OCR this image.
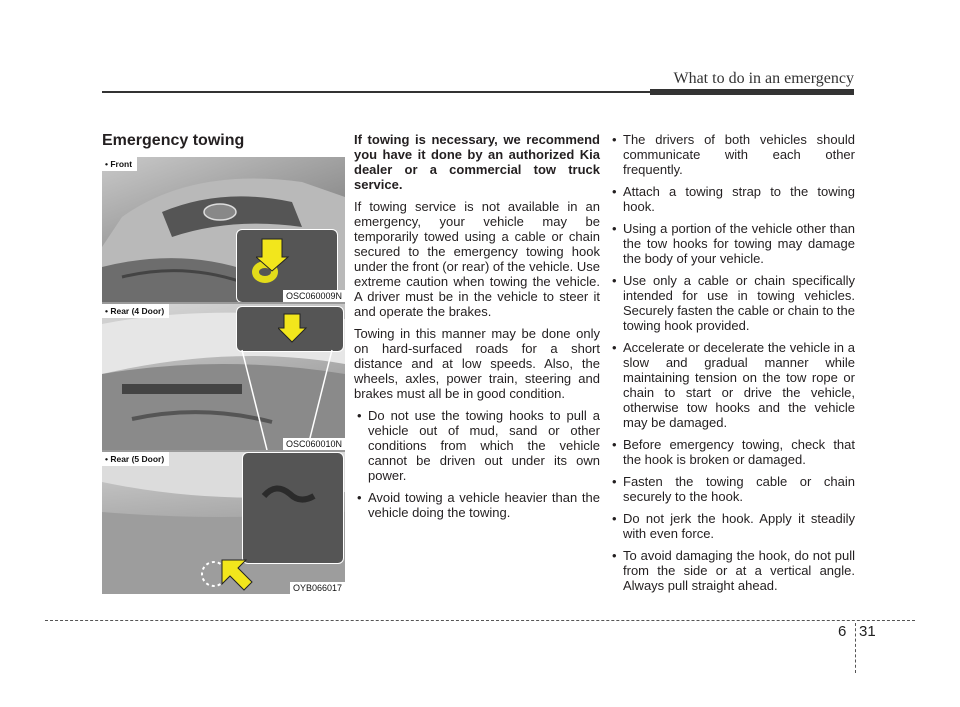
What to do in an emergency
Emergency towing
• Front
OSC060009N
• Rear (4 Door)
OSC060010N
• Rear (5 Door)
OYB066017

If towing is necessary, we recommend you have it done by an authorized Kia dealer or a commercial tow truck service.

If towing service is not available in an emergency, your vehicle may be temporarily towed using a cable or chain secured to the emergency towing hook under the front (or rear) of the vehicle. Use extreme caution when towing the vehicle. A driver must be in the vehicle to steer it and operate the brakes.

Towing in this manner may be done only on hard-surfaced roads for a short distance and at low speeds. Also, the wheels, axles, power train, steering and brakes must all be in good condition.

• Do not use the towing hooks to pull a vehicle out of mud, sand or other conditions from which the vehicle cannot be driven out under its own power.
• Avoid towing a vehicle heavier than the vehicle doing the towing.
• The drivers of both vehicles should communicate with each other frequently.
• Attach a towing strap to the towing hook.
• Using a portion of the vehicle other than the tow hooks for towing may damage the body of your vehicle.
• Use only a cable or chain specifically intended for use in towing vehicles. Securely fasten the cable or chain to the towing hook provided.
• Accelerate or decelerate the vehicle in a slow and gradual manner while maintaining tension on the tow rope or chain to start or drive the vehicle, otherwise tow hooks and the vehicle may be damaged.
• Before emergency towing, check that the hook is broken or damaged.
• Fasten the towing cable or chain securely to the hook.
• Do not jerk the hook. Apply it steadily with even force.
• To avoid damaging the hook, do not pull from the side or at a vertical angle. Always pull straight ahead.
6 31
